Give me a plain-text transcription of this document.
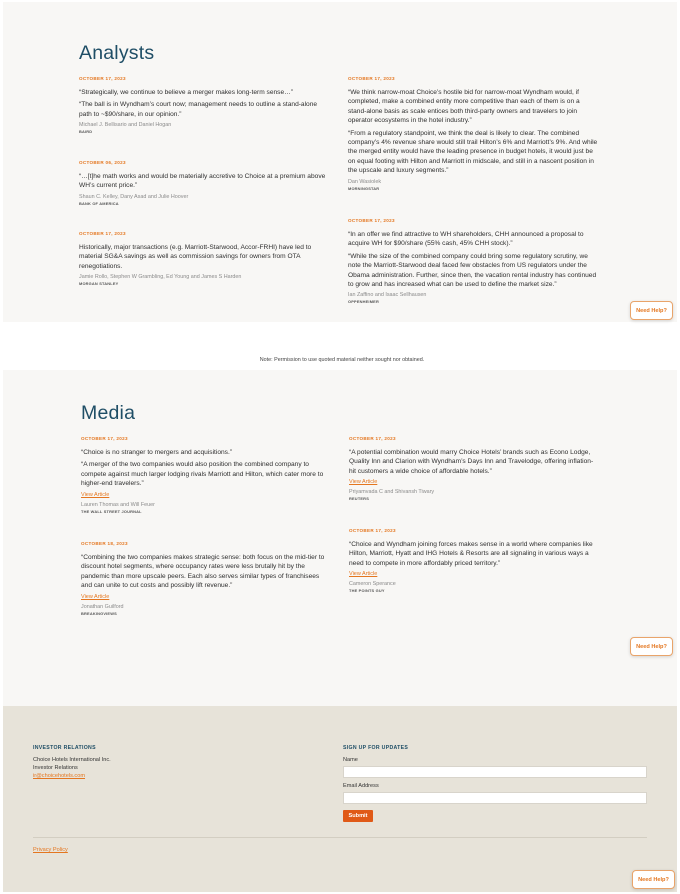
Analysts
OCTOBER 17, 2023

“Strategically, we continue to believe a merger makes long-term sense…”

“The ball is in Wyndham’s court now; management needs to outline a stand-alone path to ~$90/share, in our opinion.”

Michael J. Bellisario and Daniel Hogan
BAIRD
OCTOBER 06, 2023

“…[t]he math works and would be materially accretive to Choice at a premium above WH’s current price.”

Shaun C. Kelley, Dany Asad and Julie Hoover
BANK OF AMERICA
OCTOBER 17, 2023

Historically, major transactions (e.g. Marriott-Starwood, Accor-FRHI) have led to material SG&A savings as well as commission savings for owners from OTA renegotiations.

Jamie Rollo, Stephen W Grambling, Ed Young and James S Harden
MORGAN STANLEY
OCTOBER 17, 2023

“We think narrow-moat Choice’s hostile bid for narrow-moat Wyndham would, if completed, make a combined entity more competitive than each of them is on a stand-alone basis as scale entices both third-party owners and travelers to join operator ecosystems in the hotel industry.”

“From a regulatory standpoint, we think the deal is likely to clear. The combined company’s 4% revenue share would still trail Hilton’s 6% and Marriott’s 9%. And while the merged entity would have the leading presence in budget hotels, it would just be on equal footing with Hilton and Marriott in midscale, and still in a nascent position in the upscale and luxury segments.”

Dan Wasiolek
MORNINGSTAR
OCTOBER 17, 2023

“In an offer we find attractive to WH shareholders, CHH announced a proposal to acquire WH for $90/share (55% cash, 45% CHH stock).”

“While the size of the combined company could bring some regulatory scrutiny, we note the Marriott-Starwood deal faced few obstacles from US regulators under the Obama administration. Further, since then, the vacation rental industry has continued to grow and has increased what can be used to define the market size.”

Ian Zaffino and Isaac Sellhausen
OPPENHEIMER
Need Help?
Note: Permission to use quoted material neither sought nor obtained.
Media
OCTOBER 17, 2023

“Choice is no stranger to mergers and acquisitions.”

“A merger of the two companies would also position the combined company to compete against much larger lodging rivals Marriott and Hilton, which cater more to higher-end travelers.”

View Article
Lauren Thomas and Will Feuer
THE WALL STREET JOURNAL
OCTOBER 18, 2023

“Combining the two companies makes strategic sense: both focus on the mid-tier to discount hotel segments, where occupancy rates were less brutally hit by the pandemic than more upscale peers. Each also serves similar types of franchisees and can unite to cut costs and possibly lift revenue.”

View Article
Jonathan Guilford
BREAKINGVIEWS
OCTOBER 17, 2023

“A potential combination would marry Choice Hotels’ brands such as Econo Lodge, Quality Inn and Clarion with Wyndham’s Days Inn and Travelodge, offering inflation-hit customers a wide choice of affordable hotels.”

View Article
Priyamvada C and Shivansh Tiwary
REUTERS
OCTOBER 17, 2023

“Choice and Wyndham joining forces makes sense in a world where companies like Hilton, Marriott, Hyatt and IHG Hotels & Resorts are all signaling in various ways a need to compete in more affordably priced territory.”

View Article
Cameron Sperance
THE POINTS GUY
Need Help?
INVESTOR RELATIONS
Choice Hotels International Inc.
Investor Relations
ir@choicehotels.com
SIGN UP FOR UPDATES
Name
Email Address
Submit
Privacy Policy
Need Help?
